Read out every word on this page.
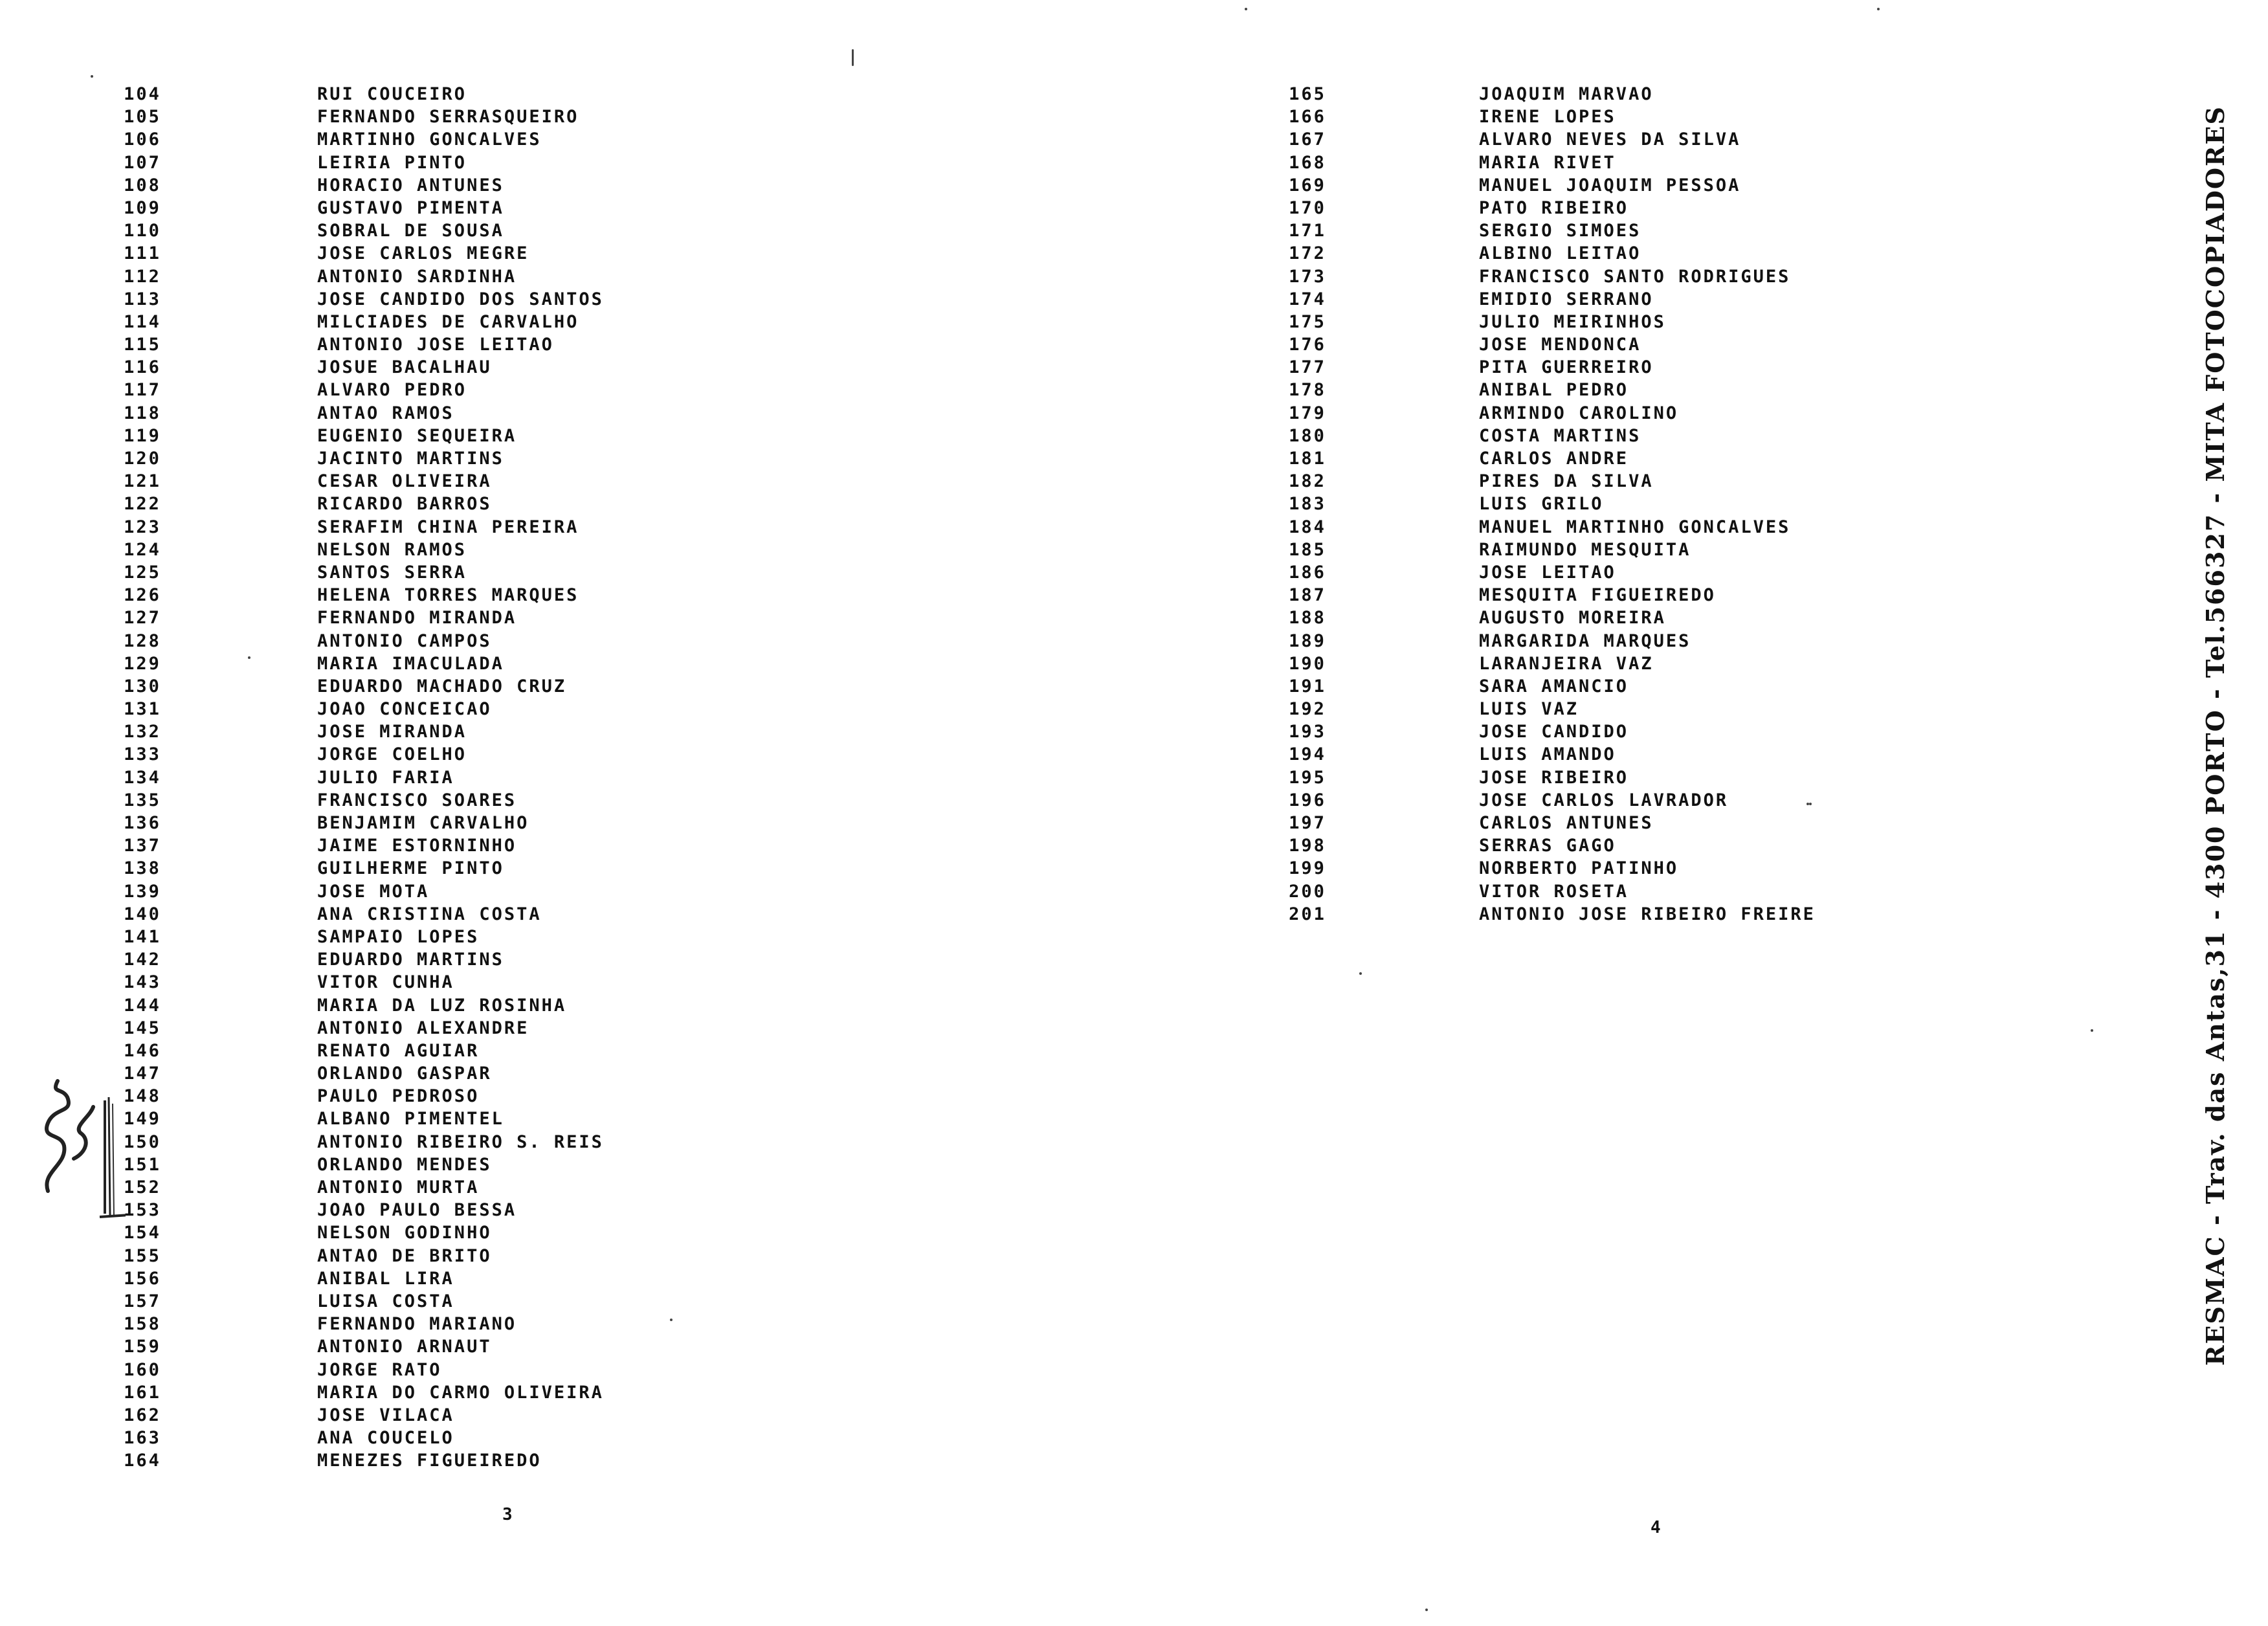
104	RUI COUCEIRO
105	FERNANDO SERRASQUEIRO
106	MARTINHO GONCALVES
107	LEIRIA PINTO
108	HORACIO ANTUNES
109	GUSTAVO PIMENTA
110	SOBRAL DE SOUSA
111	JOSE CARLOS MEGRE
112	ANTONIO SARDINHA
113	JOSE CANDIDO DOS SANTOS
114	MILCIADES DE CARVALHO
115	ANTONIO JOSE LEITAO
116	JOSUE BACALHAU
117	ALVARO PEDRO
118	ANTAO RAMOS
119	EUGENIO SEQUEIRA
120	JACINTO MARTINS
121	CESAR OLIVEIRA
122	RICARDO BARROS
123	SERAFIM CHINA PEREIRA
124	NELSON RAMOS
125	SANTOS SERRA
126	HELENA TORRES MARQUES
127	FERNANDO MIRANDA
128	ANTONIO CAMPOS
129	MARIA IMACULADA
130	EDUARDO MACHADO CRUZ
131	JOAO CONCEICAO
132	JOSE MIRANDA
133	JORGE COELHO
134	JULIO FARIA
135	FRANCISCO SOARES
136	BENJAMIM CARVALHO
137	JAIME ESTORNINHO
138	GUILHERME PINTO
139	JOSE MOTA
140	ANA CRISTINA COSTA
141	SAMPAIO LOPES
142	EDUARDO MARTINS
143	VITOR CUNHA
144	MARIA DA LUZ ROSINHA
145	ANTONIO ALEXANDRE
146	RENATO AGUIAR
147	ORLANDO GASPAR
148	PAULO PEDROSO
149	ALBANO PIMENTEL
150	ANTONIO RIBEIRO S. REIS
151	ORLANDO MENDES
152	ANTONIO MURTA
153	JOAO PAULO BESSA
154	NELSON GODINHO
155	ANTAO DE BRITO
156	ANIBAL LIRA
157	LUISA COSTA
158	FERNANDO MARIANO
159	ANTONIO ARNAUT
160	JORGE RATO
161	MARIA DO CARMO OLIVEIRA
162	JOSE VILACA
163	ANA COUCELO
164	MENEZES FIGUEIREDO
165	JOAQUIM MARVAO
166	IRENE LOPES
167	ALVARO NEVES DA SILVA
168	MARIA RIVET
169	MANUEL JOAQUIM PESSOA
170	PATO RIBEIRO
171	SERGIO SIMOES
172	ALBINO LEITAO
173	FRANCISCO SANTO RODRIGUES
174	EMIDIO SERRANO
175	JULIO MEIRINHOS
176	JOSE MENDONCA
177	PITA GUERREIRO
178	ANIBAL PEDRO
179	ARMINDO CAROLINO
180	COSTA MARTINS
181	CARLOS ANDRE
182	PIRES DA SILVA
183	LUIS GRILO
184	MANUEL MARTINHO GONCALVES
185	RAIMUNDO MESQUITA
186	JOSE LEITAO
187	MESQUITA FIGUEIREDO
188	AUGUSTO MOREIRA
189	MARGARIDA MARQUES
190	LARANJEIRA VAZ
191	SARA AMANCIO
192	LUIS VAZ
193	JOSE CANDIDO
194	LUIS AMANDO
195	JOSE RIBEIRO
196	JOSE CARLOS LAVRADOR
197	CARLOS ANTUNES
198	SERRAS GAGO
199	NORBERTO PATINHO
200	VITOR ROSETA
201	ANTONIO JOSE RIBEIRO FREIRE
3
4
RESMAC - Trav. das Antas,31 - 4300 PORTO - Tel.566327 - MITA FOTOCOPIADORES
